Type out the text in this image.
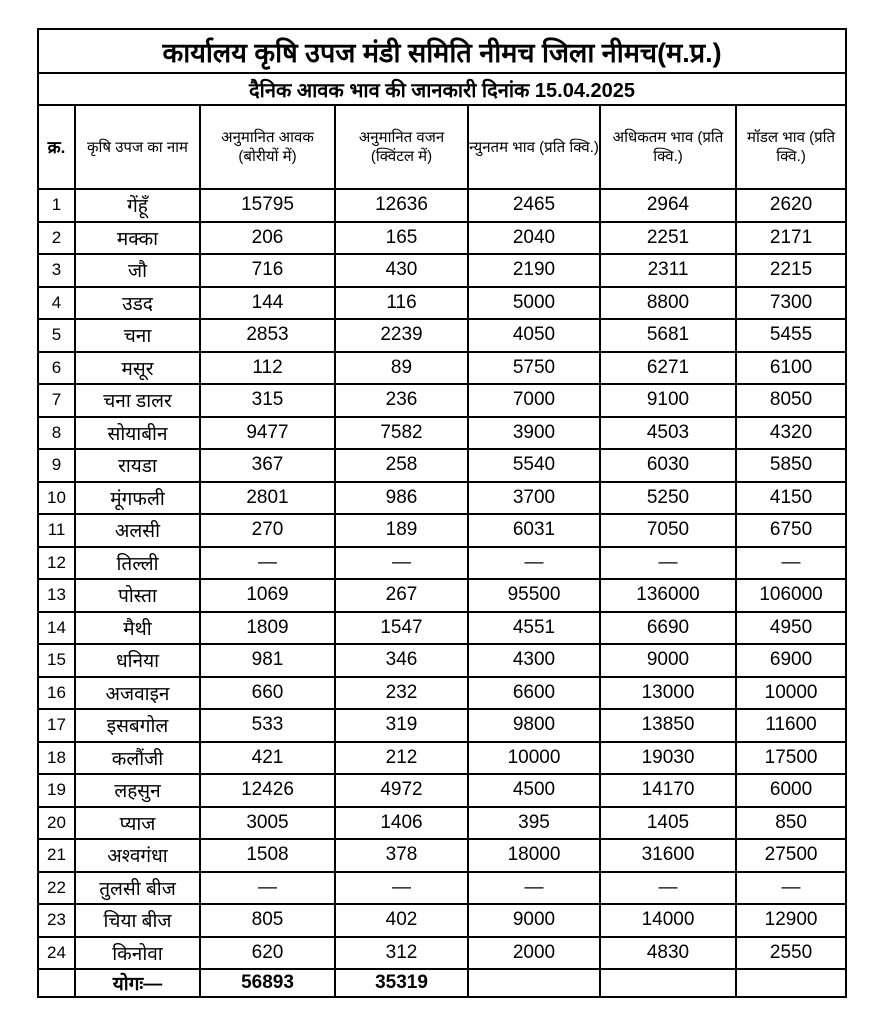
कार्यालय कृषि उपज मंडी समिति नीमच जिला नीमच(म.प्र.)						
दैनिक आवक भाव की जानकारी दिनांक 15.04.2025						
क्र.	कृषि उपज का नाम	अनुमानित आवक (बोरीयों में)	अनुमानित वजन (क्विंटल में)	न्युनतम भाव (प्रति क्वि.)	अधिकतम भाव (प्रति क्वि.)	मॉडल भाव (प्रति क्वि.)
1	गेंहूँ	15795	12636	2465	2964	2620
2	मक्का	206	165	2040	2251	2171
3	जौ	716	430	2190	2311	2215
4	उडद	144	116	5000	8800	7300
5	चना	2853	2239	4050	5681	5455
6	मसूर	112	89	5750	6271	6100
7	चना डालर	315	236	7000	9100	8050
8	सोयाबीन	9477	7582	3900	4503	4320
9	रायडा	367	258	5540	6030	5850
10	मूंगफली	2801	986	3700	5250	4150
11	अलसी	270	189	6031	7050	6750
12	तिल्ली	—	—	—	—	—
13	पोस्ता	1069	267	95500	136000	106000
14	मैथी	1809	1547	4551	6690	4950
15	धनिया	981	346	4300	9000	6900
16	अजवाइन	660	232	6600	13000	10000
17	इसबगोल	533	319	9800	13850	11600
18	कलौंजी	421	212	10000	19030	17500
19	लहसुन	12426	4972	4500	14170	6000
20	प्याज	3005	1406	395	1405	850
21	अश्वगंधा	1508	378	18000	31600	27500
22	तुलसी बीज	—	—	—	—	—
23	चिया बीज	805	402	9000	14000	12900
24	किनोवा	620	312	2000	4830	2550
	योगः—	56893	35319			
